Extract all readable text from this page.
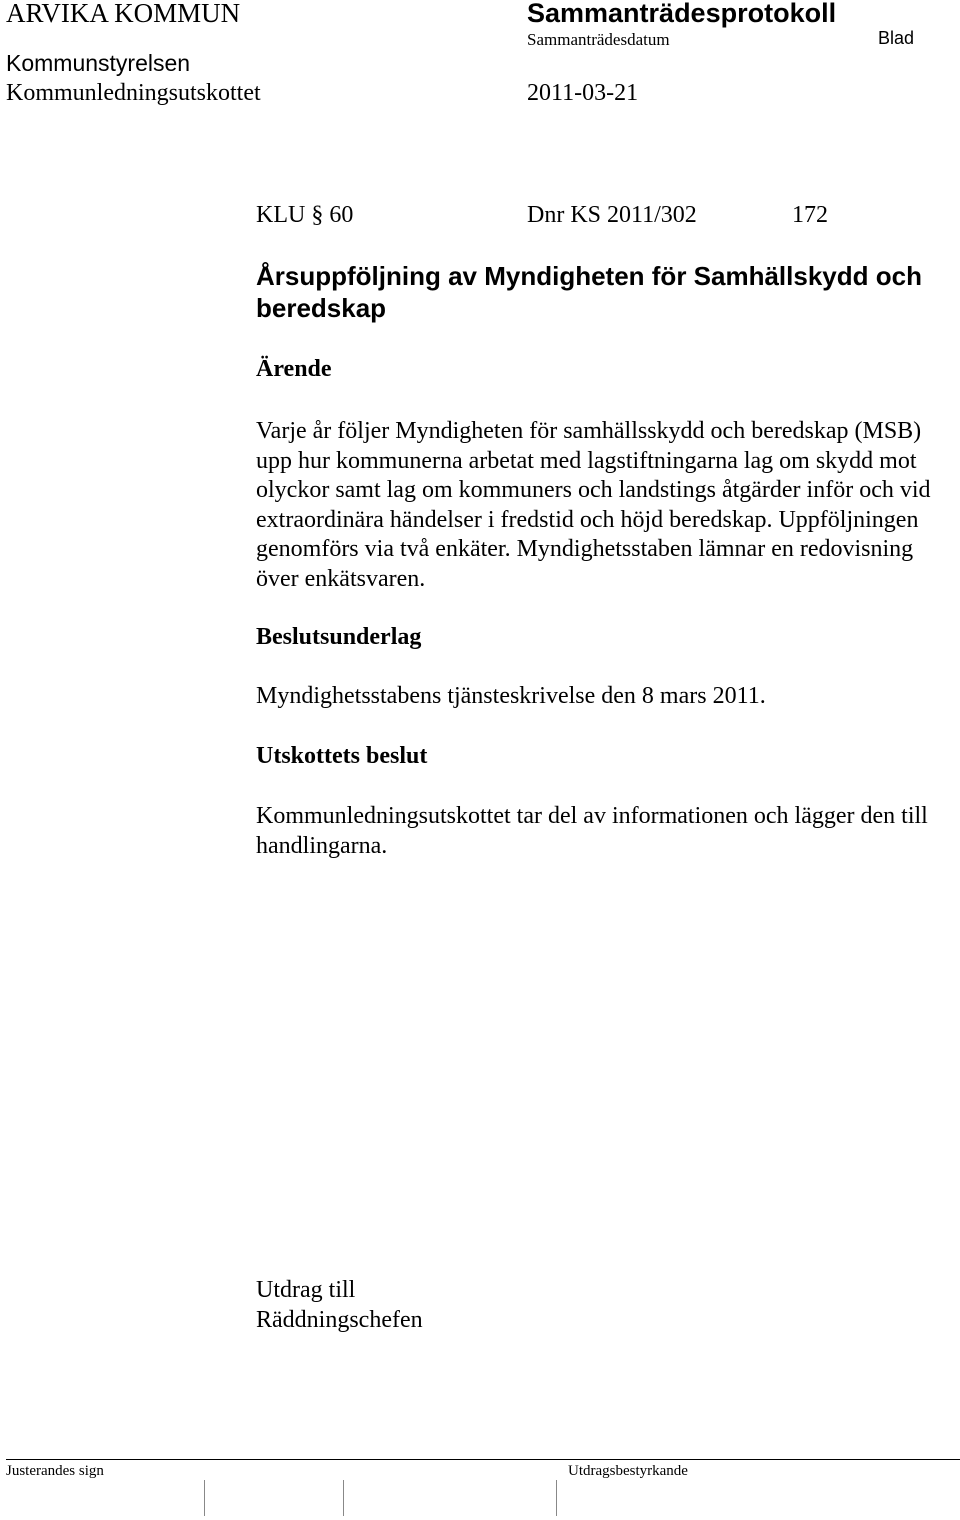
ARVIKA KOMMUN	Sammanträdesprotokoll
Sammanträdesdatum	Blad
Kommunstyrelsen
Kommunledningsutskottet	2011-03-21
KLU § 60	Dnr KS 2011/302	172
Årsuppföljning av Myndigheten för Samhällskydd och beredskap
Ärende
Varje år följer Myndigheten för samhällsskydd och beredskap (MSB) upp hur kommunerna arbetat med lagstiftningarna lag om skydd mot olyckor samt lag om kommuners och landstings åtgärder inför och vid extraordinära händelser i fredstid och höjd beredskap. Uppföljningen genomförs via två enkäter. Myndighetsstaben lämnar en redovisning över enkätsvaren.
Beslutsunderlag
Myndighetsstabens tjänsteskrivelse den 8 mars 2011.
Utskottets beslut
Kommunledningsutskottet tar del av informationen och lägger den till handlingarna.
Utdrag till
Räddningschefen
Justerandes sign	Utdragsbestyrkande
